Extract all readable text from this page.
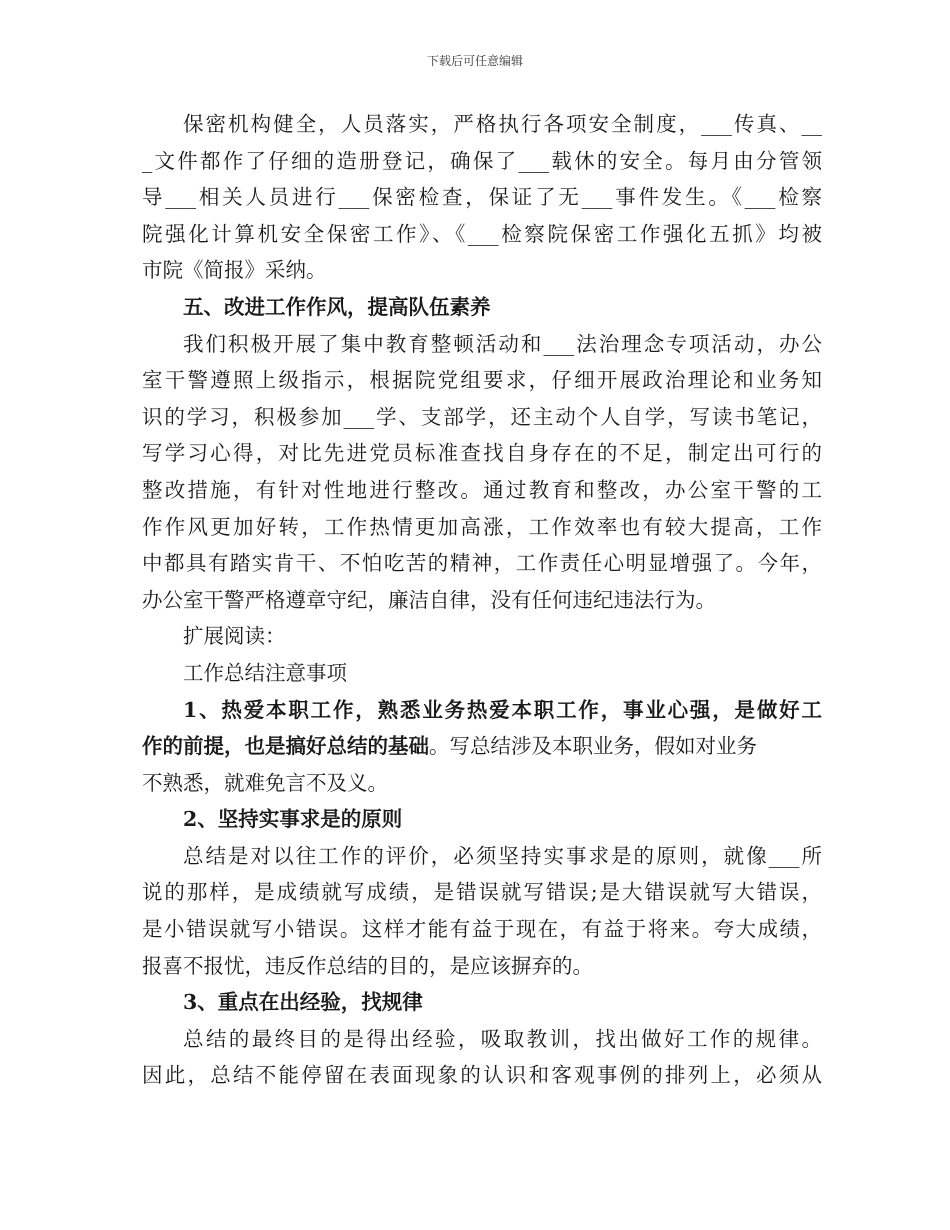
下载后可任意编辑

保密机构健全，人员落实，严格执行各项安全制度，___传真、__
_文件都作了仔细的造册登记，确保了___载休的安全。每月由分管领
导___相关人员进行___保密检查，保证了无___事件发生。《___检察
院强化计算机安全保密工作》、《___检察院保密工作强化五抓》均被
市院《简报》采纳。

五、改进工作作风，提高队伍素养

我们积极开展了集中教育整顿活动和___法治理念专项活动，办公
室干警遵照上级指示，根据院党组要求，仔细开展政治理论和业务知
识的学习，积极参加___学、支部学，还主动个人自学，写读书笔记，
写学习心得，对比先进党员标准查找自身存在的不足，制定出可行的
整改措施，有针对性地进行整改。通过教育和整改，办公室干警的工
作作风更加好转，工作热情更加高涨，工作效率也有较大提高，工作
中都具有踏实肯干、不怕吃苦的精神，工作责任心明显增强了。今年，
办公室干警严格遵章守纪，廉洁自律，没有任何违纪违法行为。

扩展阅读：

工作总结注意事项

1、热爱本职工作，熟悉业务热爱本职工作，事业心强，是做好工
作的前提，也是搞好总结的基础。写总结涉及本职业务，假如对业务
不熟悉，就难免言不及义。

2、坚持实事求是的原则

总结是对以往工作的评价，必须坚持实事求是的原则，就像___所
说的那样，是成绩就写成绩，是错误就写错误;是大错误就写大错误，
是小错误就写小错误。这样才能有益于现在，有益于将来。夸大成绩，
报喜不报忧，违反作总结的目的，是应该摒弃的。

3、重点在出经验，找规律

总结的最终目的是得出经验，吸取教训，找出做好工作的规律。
因此，总结不能停留在表面现象的认识和客观事例的排列上，必须从
